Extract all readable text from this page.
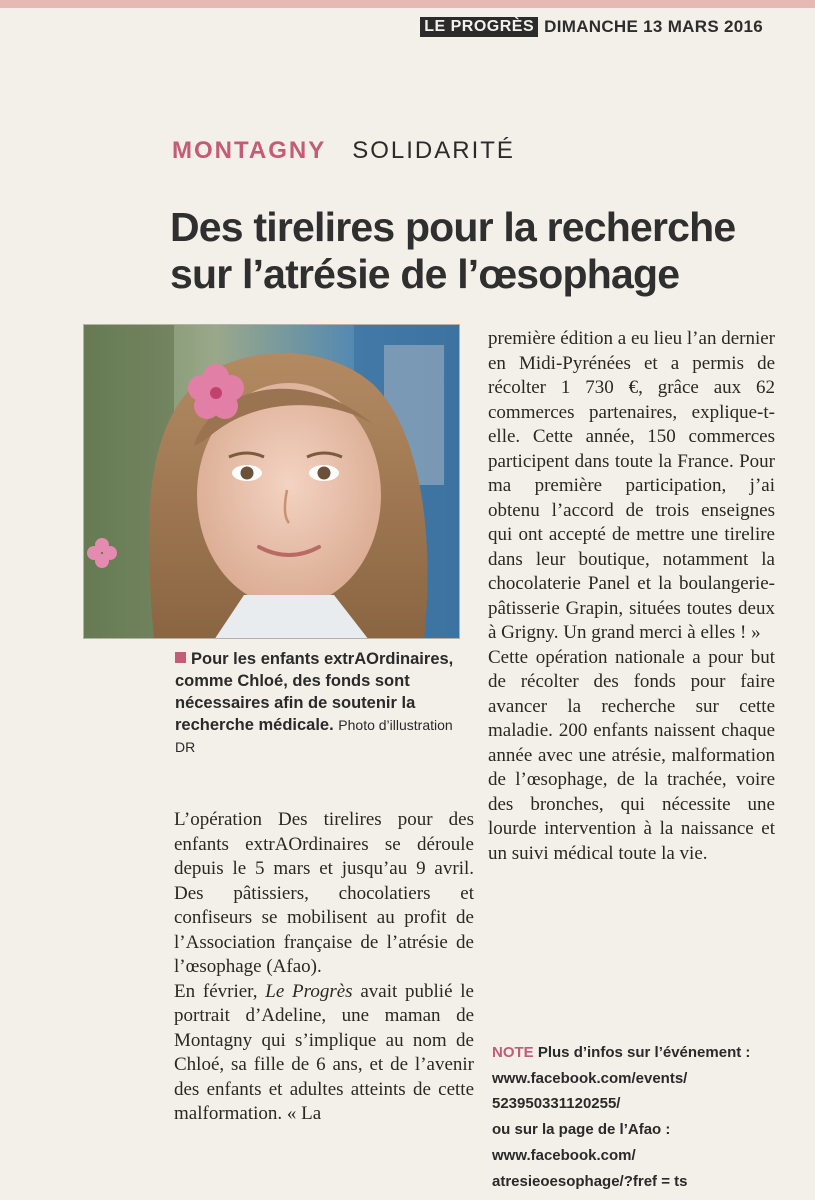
LE PROGRÈS DIMANCHE 13 MARS 2016
MONTAGNY SOLIDARITÉ
Des tirelires pour la recherche
sur l’atrésie de l’œsophage
Pour les enfants extrAOrdinaires, comme Chloé, des fonds sont nécessaires afin de soutenir la recherche médicale. Photo d’illustration DR

L’opération Des tirelires pour des enfants extrAOrdinaires se déroule depuis le 5 mars et jusqu’au 9 avril. Des pâtissiers, chocolatiers et confiseurs se mobilisent au profit de l’Association française de l’atrésie de l’œsophage (Afao).

En février, Le Progrès avait publié le portrait d’Adeline, une maman de Montagny qui s’implique au nom de Chloé, sa fille de 6 ans, et de l’avenir des enfants et adultes atteints de cette malformation. « La

première édition a eu lieu l’an dernier en Midi-Pyrénées et a permis de récolter 1 730 €, grâce aux 62 commerces partenaires, explique-t-elle. Cette année, 150 commerces participent dans toute la France. Pour ma première participation, j’ai obtenu l’accord de trois enseignes qui ont accepté de mettre une tirelire dans leur boutique, notamment la chocolaterie Panel et la boulangerie-pâtisserie Grapin, situées toutes deux à Grigny. Un grand merci à elles ! »

Cette opération nationale a pour but de récolter des fonds pour faire avancer la recherche sur cette maladie. 200 enfants naissent chaque année avec une atrésie, malformation de l’œsophage, de la trachée, voire des bronches, qui nécessite une lourde intervention à la naissance et un suivi médical toute la vie.

NOTE Plus d’infos sur l’événement :
www.facebook.com/events/
523950331120255/
ou sur la page de l’Afao :
www.facebook.com/
atresieoesophage/?fref = ts
